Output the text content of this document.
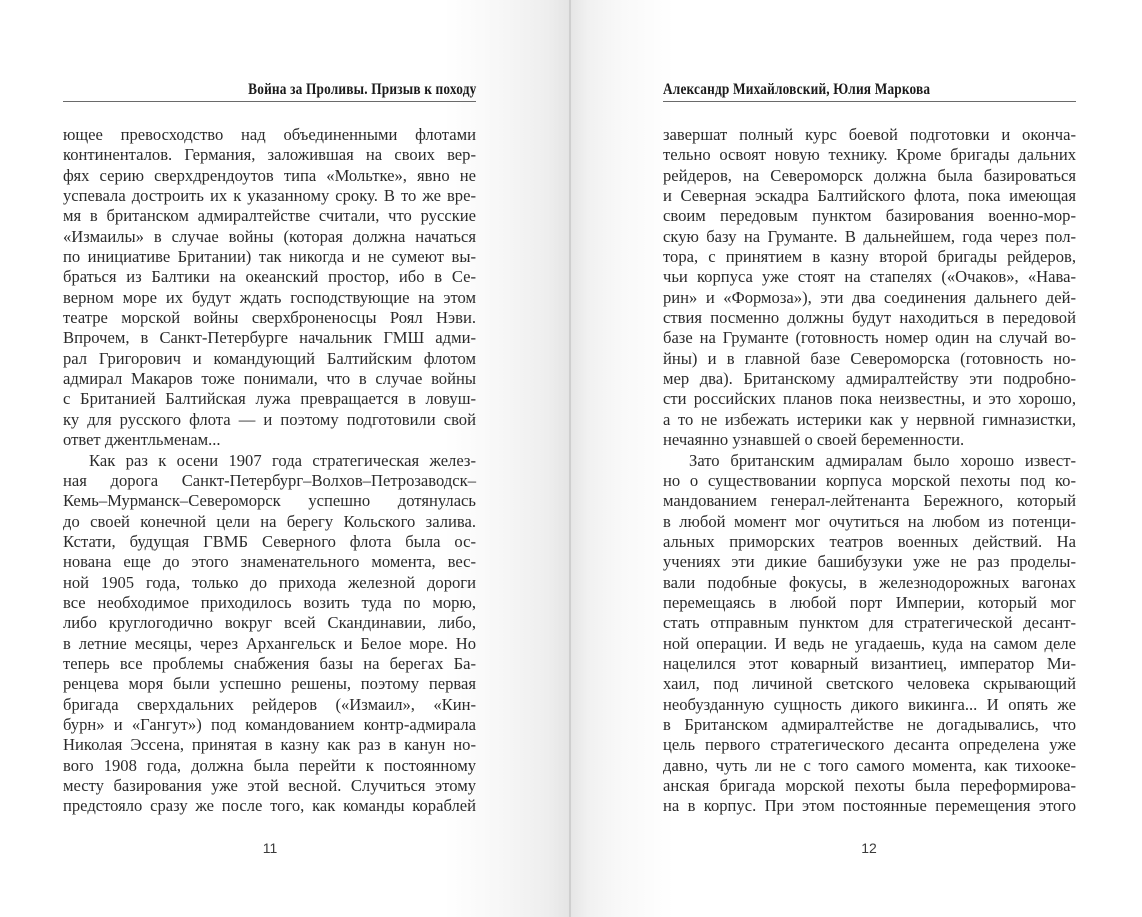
Война за Проливы. Призыв к походу
ющее превосходство над объединенными флотами
континенталов. Германия, заложившая на своих вер-
фях серию сверхдрендоутов типа «Мольтке», явно не
успевала достроить их к указанному сроку. В то же вре-
мя в британском адмиралтействе считали, что русские
«Измаилы» в случае войны (которая должна начаться
по инициативе Британии) так никогда и не сумеют вы-
браться из Балтики на океанский простор, ибо в Се-
верном море их будут ждать господствующие на этом
театре морской войны сверхброненосцы Роял Нэви.
Впрочем, в Санкт-Петербурге начальник ГМШ адми-
рал Григорович и командующий Балтийским флотом
адмирал Макаров тоже понимали, что в случае войны
с Британией Балтийская лужа превращается в ловуш-
ку для русского флота — и поэтому подготовили свой
ответ джентльменам...
Как раз к осени 1907 года стратегическая желез-
ная дорога Санкт-Петербург–Волхов–Петрозаводск–
Кемь–Мурманск–Североморск успешно дотянулась
до своей конечной цели на берегу Кольского залива.
Кстати, будущая ГВМБ Северного флота была ос-
нована еще до этого знаменательного момента, вес-
ной 1905 года, только до прихода железной дороги
все необходимое приходилось возить туда по морю,
либо круглогодично вокруг всей Скандинавии, либо,
в летние месяцы, через Архангельск и Белое море. Но
теперь все проблемы снабжения базы на берегах Ба-
ренцева моря были успешно решены, поэтому первая
бригада сверхдальних рейдеров («Измаил», «Кин-
бурн» и «Гангут») под командованием контр-адмирала
Николая Эссена, принятая в казну как раз в канун но-
вого 1908 года, должна была перейти к постоянному
месту базирования уже этой весной. Случиться этому
предстояло сразу же после того, как команды кораблей
11
Александр Михайловский, Юлия Маркова
завершат полный курс боевой подготовки и оконча-
тельно освоят новую технику. Кроме бригады дальних
рейдеров, на Североморск должна была базироваться
и Северная эскадра Балтийского флота, пока имеющая
своим передовым пунктом базирования военно-мор-
скую базу на Груманте. В дальнейшем, года через пол-
тора, с принятием в казну второй бригады рейдеров,
чьи корпуса уже стоят на стапелях («Очаков», «Нава-
рин» и «Формоза»), эти два соединения дальнего дей-
ствия посменно должны будут находиться в передовой
базе на Груманте (готовность номер один на случай во-
йны) и в главной базе Североморска (готовность но-
мер два). Британскому адмиралтейству эти подробно-
сти российских планов пока неизвестны, и это хорошо,
а то не избежать истерики как у нервной гимназистки,
нечаянно узнавшей о своей беременности.
Зато британским адмиралам было хорошо извест-
но о существовании корпуса морской пехоты под ко-
мандованием генерал-лейтенанта Бережного, который
в любой момент мог очутиться на любом из потенци-
альных приморских театров военных действий. На
учениях эти дикие башибузуки уже не раз проделы-
вали подобные фокусы, в железнодорожных вагонах
перемещаясь в любой порт Империи, который мог
стать отправным пунктом для стратегической десант-
ной операции. И ведь не угадаешь, куда на самом деле
нацелился этот коварный византиец, император Ми-
хаил, под личиной светского человека скрывающий
необузданную сущность дикого викинга... И опять же
в Британском адмиралтействе не догадывались, что
цель первого стратегического десанта определена уже
давно, чуть ли не с того самого момента, как тихооке-
анская бригада морской пехоты была переформирова-
на в корпус. При этом постоянные перемещения этого
12
